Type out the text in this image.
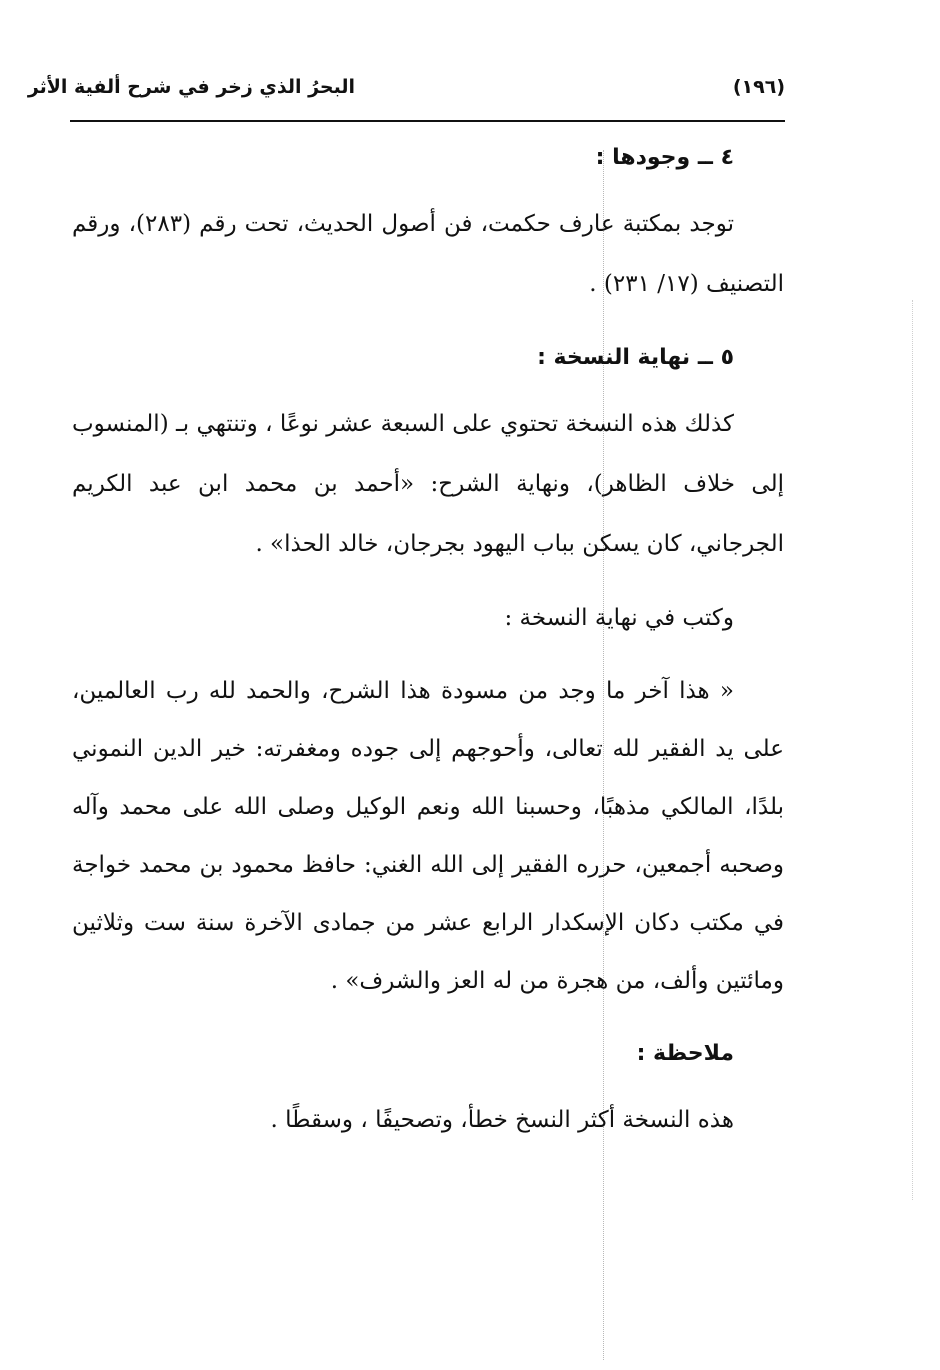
(١٩٦)
البحرُ الذي زخر في شرح ألفية الأثر

٤ ــ وجودها :

توجد بمكتبة عارف حكمت، فن أصول الحديث، تحت رقم (٢٨٣)، ورقم التصنيف (١٧/ ٢٣١) .

٥ ــ نهاية النسخة :

كذلك هذه النسخة تحتوي على السبعة عشر نوعًا ، وتنتهي بـ (المنسوب إلى خلاف الظاهر)، ونهاية الشرح: «أحمد بن محمد ابن عبد الكريم الجرجاني، كان يسكن بباب اليهود بجرجان، خالد الحذا» .

وكتب في نهاية النسخة :

« هذا آخر ما وجد من مسودة هذا الشرح، والحمد لله رب العالمين، على يد الفقير لله تعالى، وأحوجهم إلى جوده ومغفرته: خير الدين النموني بلدًا، المالكي مذهبًا، وحسبنا الله ونعم الوكيل وصلى الله على محمد وآله وصحبه أجمعين، حرره الفقير إلى الله الغني: حافظ محمود بن محمد خواجة في مكتب دكان الإسكدار الرابع عشر من جمادى الآخرة سنة ست وثلاثين ومائتين وألف، من هجرة من له العز والشرف» .

ملاحظة :

هذه النسخة أكثر النسخ خطأ، وتصحيفًا ، وسقطًا .
